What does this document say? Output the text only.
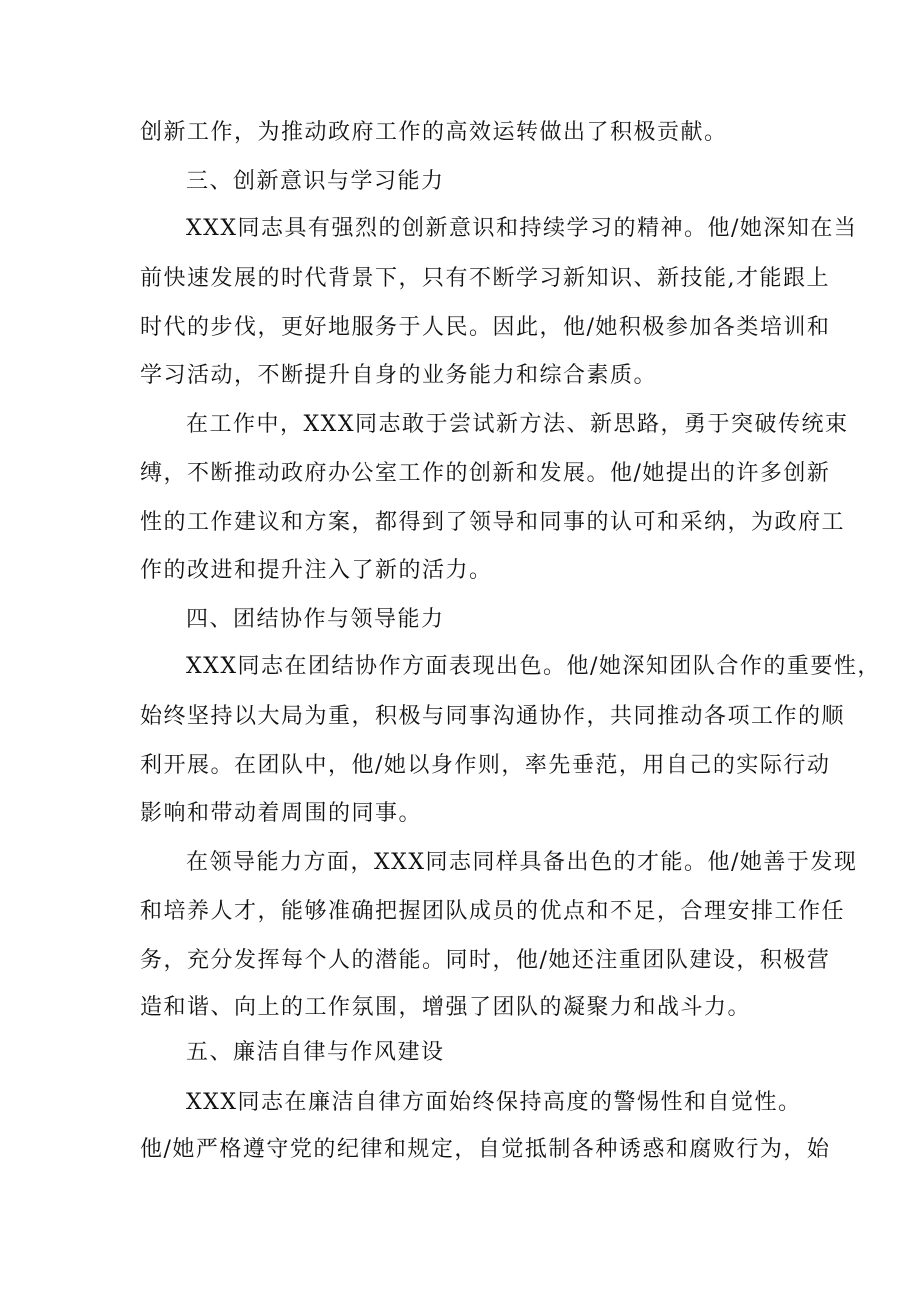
创新工作，为推动政府工作的高效运转做出了积极贡献。
三、创新意识与学习能力
XXX同志具有强烈的创新意识和持续学习的精神。他/她深知在当
前快速发展的时代背景下，只有不断学习新知识、新技能,才能跟上
时代的步伐，更好地服务于人民。因此，他/她积极参加各类培训和
学习活动，不断提升自身的业务能力和综合素质。
在工作中，XXX同志敢于尝试新方法、新思路，勇于突破传统束
缚，不断推动政府办公室工作的创新和发展。他/她提出的许多创新
性的工作建议和方案，都得到了领导和同事的认可和采纳，为政府工
作的改进和提升注入了新的活力。
四、团结协作与领导能力
XXX同志在团结协作方面表现出色。他/她深知团队合作的重要性，
始终坚持以大局为重，积极与同事沟通协作，共同推动各项工作的顺
利开展。在团队中，他/她以身作则，率先垂范，用自己的实际行动
影响和带动着周围的同事。
在领导能力方面，XXX同志同样具备出色的才能。他/她善于发现
和培养人才，能够准确把握团队成员的优点和不足，合理安排工作任
务，充分发挥每个人的潜能。同时，他/她还注重团队建设，积极营
造和谐、向上的工作氛围，增强了团队的凝聚力和战斗力。
五、廉洁自律与作风建设
XXX同志在廉洁自律方面始终保持高度的警惕性和自觉性。
他/她严格遵守党的纪律和规定，自觉抵制各种诱惑和腐败行为，始
